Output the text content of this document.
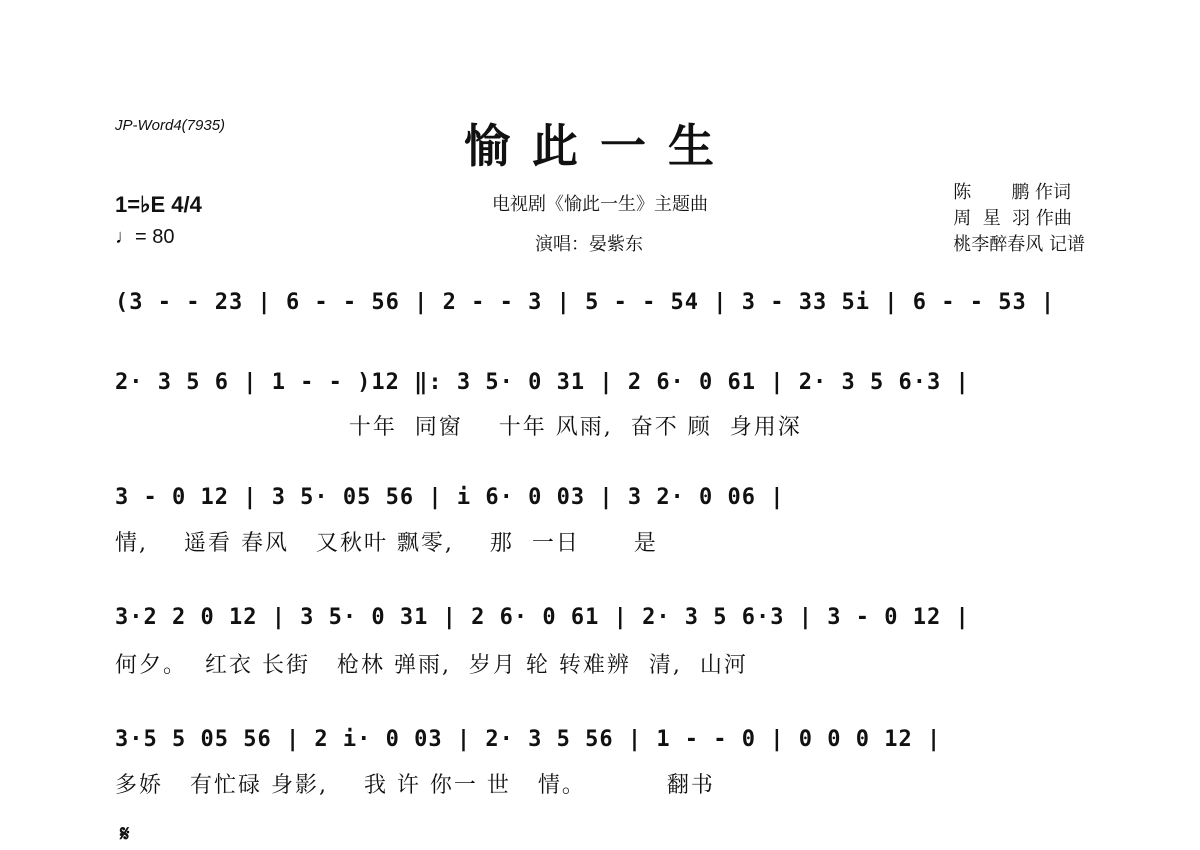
JP-Word4(7935)	愉此一生
1=♭E 4/4
♩= 80
电视剧《愉此一生》主题曲
演唱：晏紫东
陈       鹏 作词
周  星  羽 作曲
桃李醉春风 记谱
(3 - - 23 | 6 - - 56 | 2 - - 3 | 5 - - 54 | 3 - 33 5i | 6 - - 53 |
2· 3 5 6 | 1 - - )12 ‖: 3 5· 0 31 | 2 6· 0 61 | 2· 3 5 6·3 |
十年  同窗    十年 风雨,  奋不 顾  身用深
3 - 0 12 | 3 5· 05 56 | i 6· 0 03 | 3 2· 0 06 |
情,    遥看 春风   又秋叶 飘零,    那  一日      是
3·2 2 0 12 | 3 5· 0 31 | 2 6· 0 61 | 2· 3 5 6·3 | 3 - 0 12 |
何夕。  红衣 长街   枪林 弹雨,  岁月 轮 转难辨  清,  山河
3·5 5 05 56 | 2 i· 0 03 | 2· 3 5 56 | 1 - - 0 | 0 0 0 12 |
多娇   有忙碌 身影,    我 许 你一 世   情。         翻书
𝄋
